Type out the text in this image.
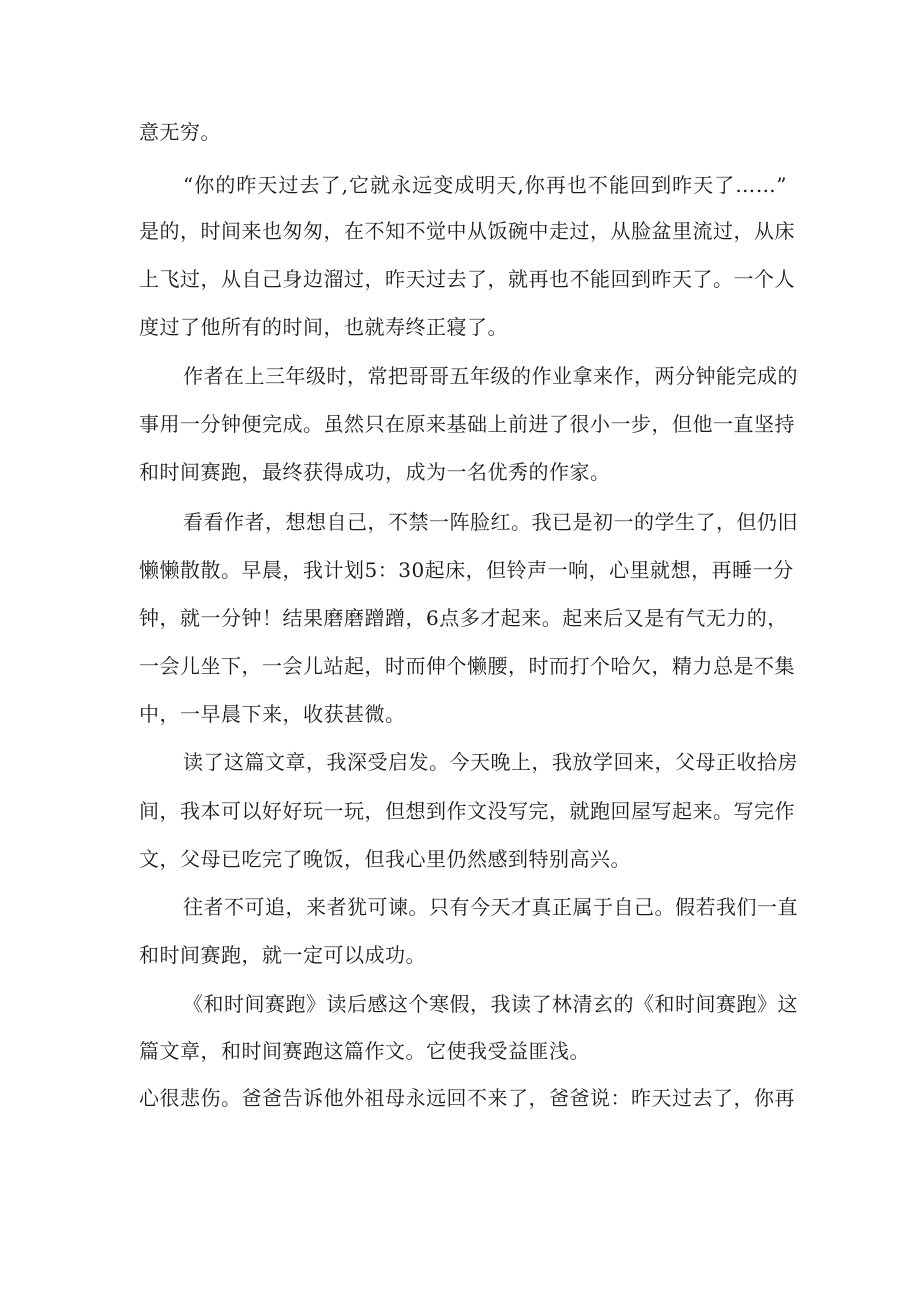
意无穷。
“你的昨天过去了,它就永远变成明天,你再也不能回到昨天了……”
是的，时间来也匆匆，在不知不觉中从饭碗中走过，从脸盆里流过，从床
上飞过，从自己身边溜过，昨天过去了，就再也不能回到昨天了。一个人
度过了他所有的时间，也就寿终正寝了。
作者在上三年级时，常把哥哥五年级的作业拿来作，两分钟能完成的
事用一分钟便完成。虽然只在原来基础上前进了很小一步，但他一直坚持
和时间赛跑，最终获得成功，成为一名优秀的作家。
看看作者，想想自己，不禁一阵脸红。我已是初一的学生了，但仍旧
懒懒散散。早晨，我计划5：30起床，但铃声一响，心里就想，再睡一分
钟，就一分钟！结果磨磨蹭蹭，6点多才起来。起来后又是有气无力的，
一会儿坐下，一会儿站起，时而伸个懒腰，时而打个哈欠，精力总是不集
中，一早晨下来，收获甚微。
读了这篇文章，我深受启发。今天晚上，我放学回来，父母正收拾房
间，我本可以好好玩一玩，但想到作文没写完，就跑回屋写起来。写完作
文，父母已吃完了晚饭，但我心里仍然感到特别高兴。
往者不可追，来者犹可谏。只有今天才真正属于自己。假若我们一直
和时间赛跑，就一定可以成功。
《和时间赛跑》读后感这个寒假，我读了林清玄的《和时间赛跑》这
篇文章，和时间赛跑这篇作文。它使我受益匪浅。
心很悲伤。爸爸告诉他外祖母永远回不来了，爸爸说：昨天过去了，你再
